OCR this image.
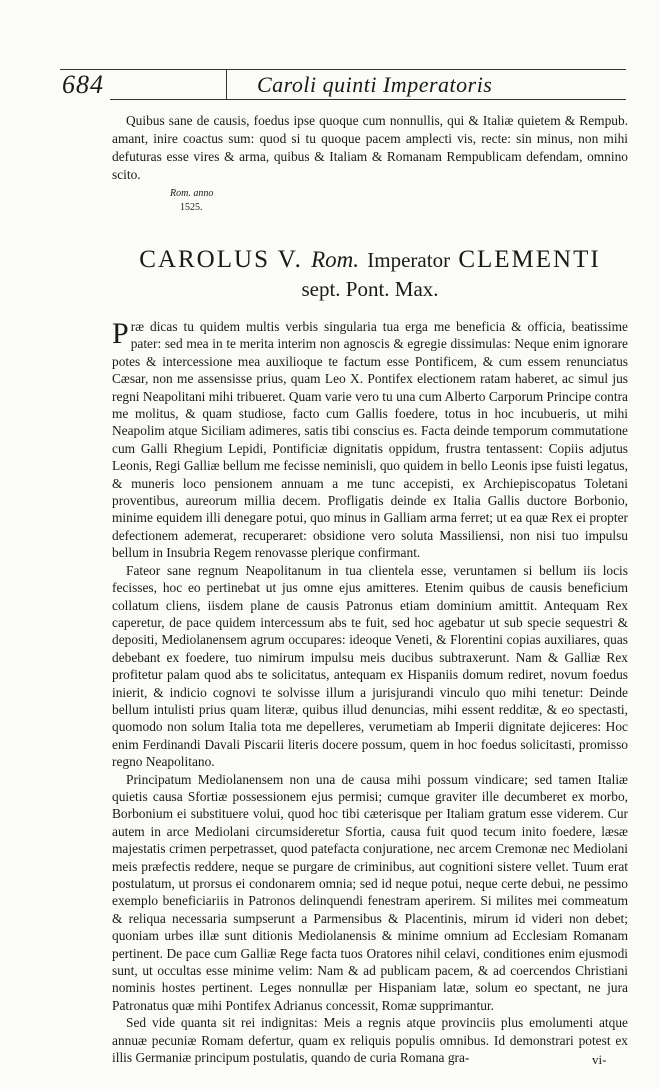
684	Caroli quinti Imperatoris

Quibus sane de causis, foedus ipse quoque cum nonnullis, qui & Italiæ quietem & Rempub. amant, inire coactus sum: quod si tu quoque pacem amplecti vis, recte: sin minus, non mihi defuturas esse vires & arma, quibus & Italiam & Romanam Rempublicam defendam, omnino scito.

Rom. anno
1525.
CAROLUS V. Rom. Imperator CLEMENTI
sept. Pont. Max.

Præ dicas tu quidem multis verbis singularia tua erga me beneficia & officia, beatissime pater: sed mea in te merita interim non agnoscis & egregie dissimulas: Neque enim ignorare potes & intercessione mea auxilioque te factum esse Pontificem, & cum essem renunciatus Cæsar, non me assensisse prius, quam Leo X. Pontifex electionem ratam haberet, ac simul jus regni Neapolitani mihi tribueret. Quam varie vero tu una cum Alberto Carporum Principe contra me molitus, & quam studiose, facto cum Gallis foedere, totus in hoc incubueris, ut mihi Neapolim atque Siciliam adimeres, satis tibi conscius es. Facta deinde temporum commutatione cum Galli Rhegium Lepidi, Pontificiæ dignitatis oppidum, frustra tentassent: Copiis adjutus Leonis, Regi Galliæ bellum me fecisse neminisli, quo quidem in bello Leonis ipse fuisti legatus, & muneris loco pensionem annuam a me tunc accepisti, ex Archiepiscopatus Toletani proventibus, aureorum millia decem. Profligatis deinde ex Italia Gallis ductore Borbonio, minime equidem illi denegare potui, quo minus in Galliam arma ferret; ut ea quæ Rex ei propter defectionem ademerat, recuperaret: obsidione vero soluta Massiliensi, non nisi tuo impulsu bellum in Insubria Regem renovasse plerique confirmant.

Fateor sane regnum Neapolitanum in tua clientela esse, veruntamen si bellum iis locis fecisses, hoc eo pertinebat ut jus omne ejus amitteres. Etenim quibus de causis beneficium collatum cliens, iisdem plane de causis Patronus etiam dominium amittit. Antequam Rex caperetur, de pace quidem intercessum abs te fuit, sed hoc agebatur ut sub specie sequestri & depositi, Mediolanensem agrum occupares: ideoque Veneti, & Florentini copias auxiliares, quas debebant ex foedere, tuo nimirum impulsu meis ducibus subtraxerunt. Nam & Galliæ Rex profitetur palam quod abs te solicitatus, antequam ex Hispaniis domum rediret, novum foedus inierit, & indicio cognovi te solvisse illum a jurisjurandi vinculo quo mihi tenetur: Deinde bellum intulisti prius quam literæ, quibus illud denuncias, mihi essent redditæ, & eo spectasti, quomodo non solum Italia tota me depelleres, verumetiam ab Imperii dignitate dejiceres: Hoc enim Ferdinandi Davali Piscarii literis docere possum, quem in hoc foedus solicitasti, promisso regno Neapolitano.

Principatum Mediolanensem non una de causa mihi possum vindicare; sed tamen Italiæ quietis causa Sfortiæ possessionem ejus permisi; cumque graviter ille decumberet ex morbo, Borbonium ei substituere volui, quod hoc tibi cæterisque per Italiam gratum esse viderem. Cur autem in arce Mediolani circumsideretur Sfortia, causa fuit quod tecum inito foedere, læsæ majestatis crimen perpetrasset, quod patefacta conjuratione, nec arcem Cremonæ nec Mediolani meis præfectis reddere, neque se purgare de criminibus, aut cognitioni sistere vellet. Tuum erat postulatum, ut prorsus ei condonarem omnia; sed id neque potui, neque certe debui, ne pessimo exemplo beneficiariis in Patronos delinquendi fenestram aperirem. Si milites mei commeatum & reliqua necessaria sumpserunt a Parmensibus & Placentinis, mirum id videri non debet; quoniam urbes illæ sunt ditionis Mediolanensis & minime omnium ad Ecclesiam Romanam pertinent. De pace cum Galliæ Rege facta tuos Oratores nihil celavi, conditiones enim ejusmodi sunt, ut occultas esse minime velim: Nam & ad publicam pacem, & ad coercendos Christiani nominis hostes pertinent. Leges nonnullæ per Hispaniam latæ, solum eo spectant, ne jura Patronatus quæ mihi Pontifex Adrianus concessit, Romæ supprimantur.

Sed vide quanta sit rei indignitas: Meis a regnis atque provinciis plus emolumenti atque annuæ pecuniæ Romam defertur, quam ex reliquis populis omnibus. Id demonstrari potest ex illis Germaniæ principum postulatis, quando de curia Romana gra-	vi-
